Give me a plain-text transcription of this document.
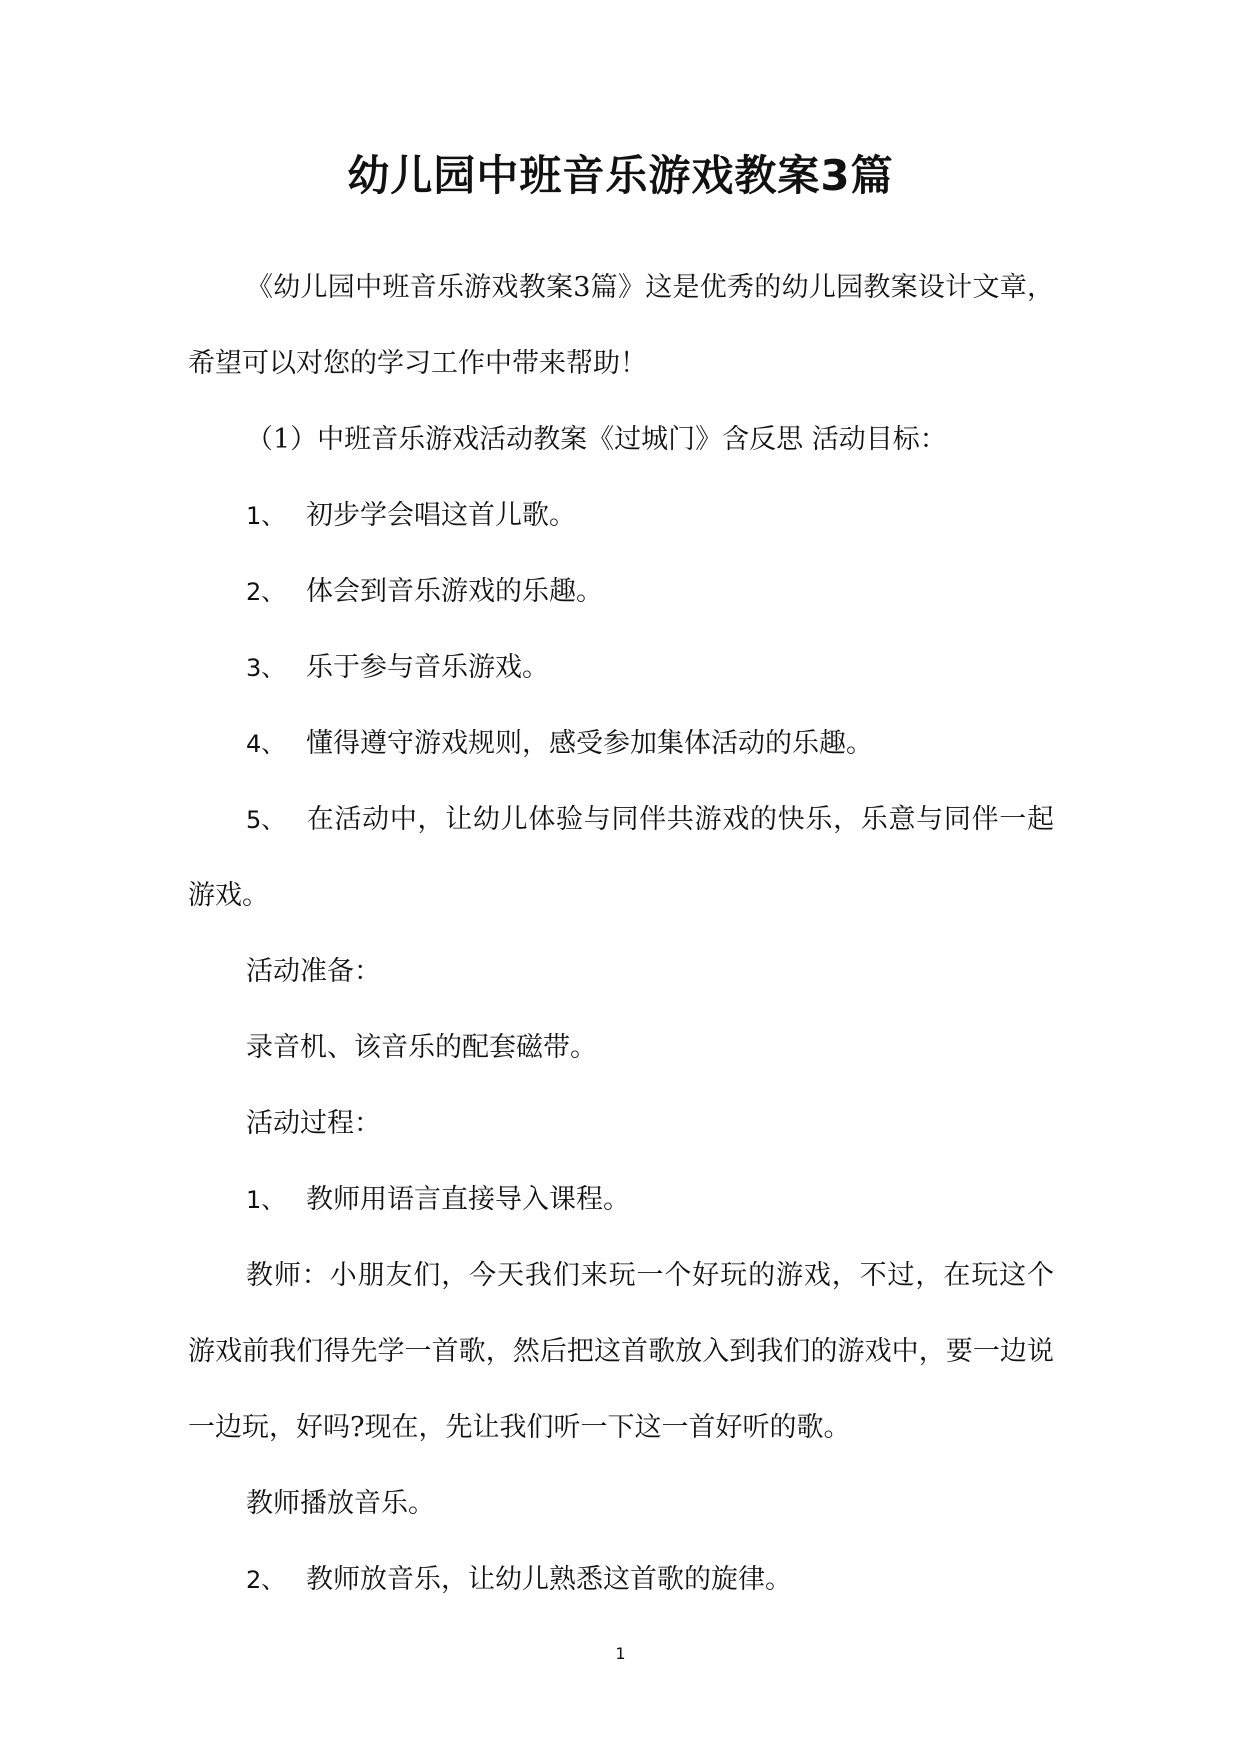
幼儿园中班音乐游戏教案3篇

《幼儿园中班音乐游戏教案3篇》这是优秀的幼儿园教案设计文章，希望可以对您的学习工作中带来帮助！

（1）中班音乐游戏活动教案《过城门》含反思 活动目标：

1、 初步学会唱这首儿歌。

2、 体会到音乐游戏的乐趣。

3、 乐于参与音乐游戏。

4、 懂得遵守游戏规则，感受参加集体活动的乐趣。

5、 在活动中，让幼儿体验与同伴共游戏的快乐，乐意与同伴一起游戏。

活动准备：

录音机、该音乐的配套磁带。

活动过程：

1、 教师用语言直接导入课程。

教师：小朋友们，今天我们来玩一个好玩的游戏，不过，在玩这个游戏前我们得先学一首歌，然后把这首歌放入到我们的游戏中，要一边说一边玩，好吗?现在，先让我们听一下这一首好听的歌。

教师播放音乐。

2、 教师放音乐，让幼儿熟悉这首歌的旋律。

1
